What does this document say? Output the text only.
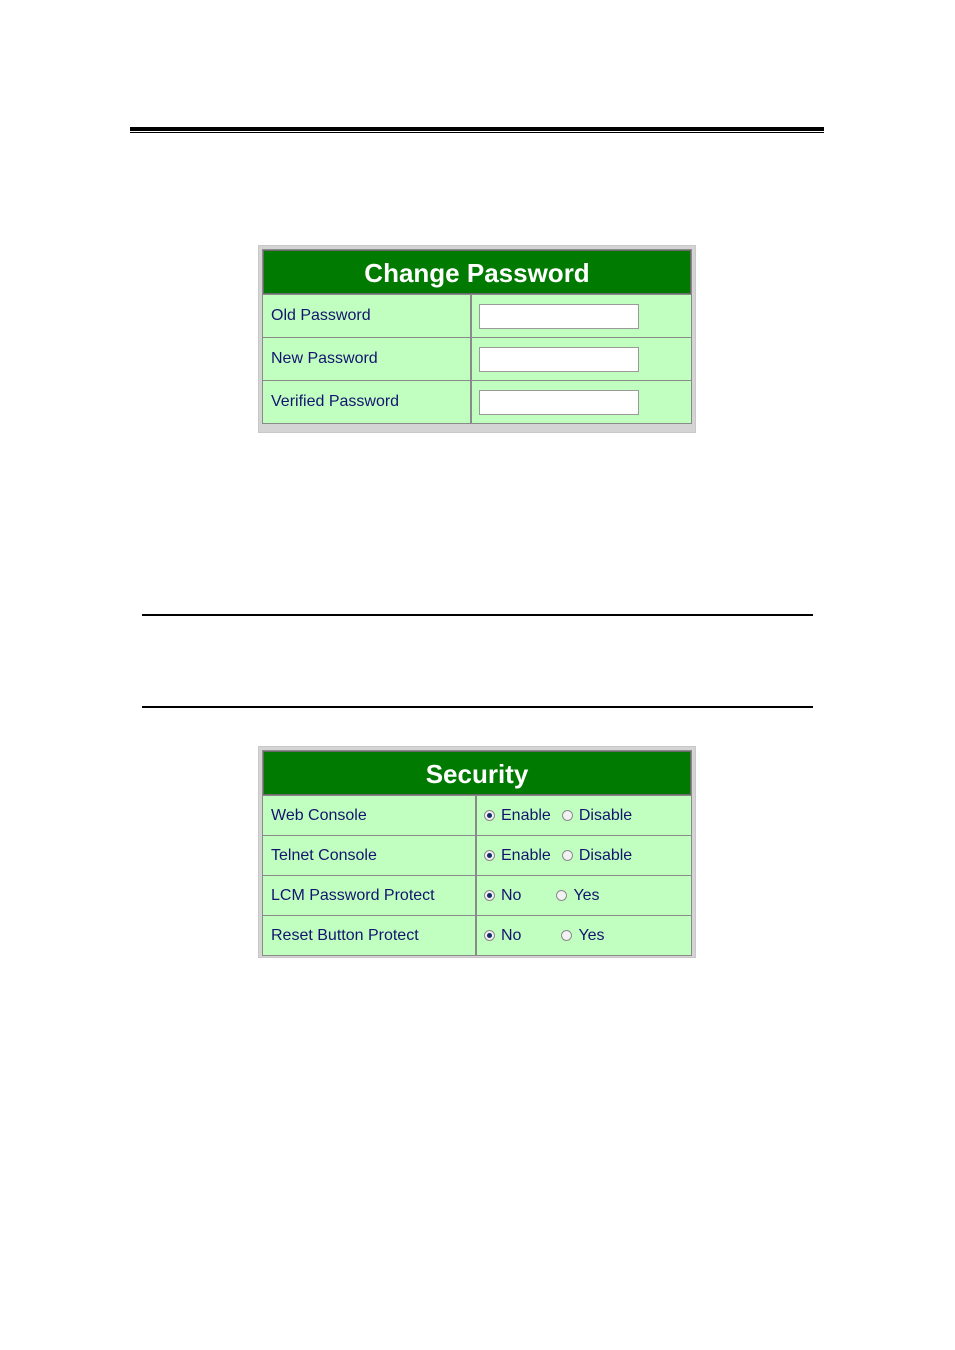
Change Password
Old Password
New Password
Verified Password
Security
Web Console	Enable Disable
Telnet Console	Enable Disable
LCM Password Protect	No	Yes
Reset Button Protect	No	Yes
